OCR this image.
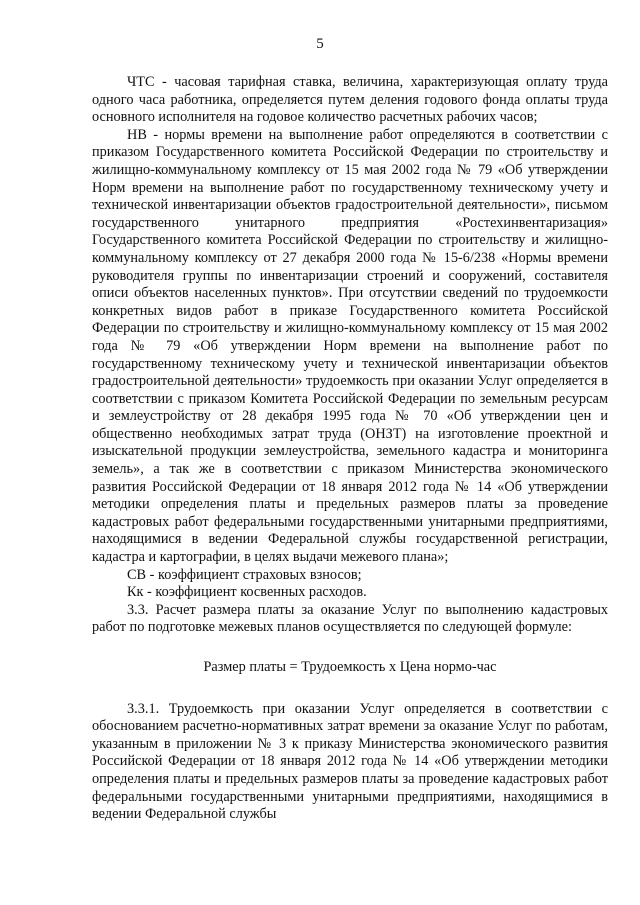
5

ЧТС - часовая тарифная ставка, величина, характеризующая оплату труда одного часа работника, определяется путем деления годового фонда оплаты труда основного исполнителя на годовое количество расчетных рабочих часов;

НВ - нормы времени на выполнение работ определяются в соответствии с приказом Государственного комитета Российской Федерации по строительству и жилищно-коммунальному комплексу от 15 мая 2002 года № 79 «Об утверждении Норм времени на выполнение работ по государственному техническому учету и технической инвентаризации объектов градостроительной деятельности», письмом государственного унитарного предприятия «Ростехинвентаризация» Государственного комитета Российской Федерации по строительству и жилищно-коммунальному комплексу от 27 декабря 2000 года № 15-6/238 «Нормы времени руководителя группы по инвентаризации строений и сооружений, составителя описи объектов населенных пунктов». При отсутствии сведений по трудоемкости конкретных видов работ в приказе Государственного комитета Российской Федерации по строительству и жилищно-коммунальному комплексу от 15 мая 2002 года № 79 «Об утверждении Норм времени на выполнение работ по государственному техническому учету и технической инвентаризации объектов градостроительной деятельности» трудоемкость при оказании Услуг определяется в соответствии с приказом Комитета Российской Федерации по земельным ресурсам и землеустройству от 28 декабря 1995 года № 70 «Об утверждении цен и общественно необходимых затрат труда (ОНЗТ) на изготовление проектной и изыскательной продукции землеустройства, земельного кадастра и мониторинга земель», а так же в соответствии с приказом Министерства экономического развития Российской Федерации от 18 января 2012 года № 14 «Об утверждении методики определения платы и предельных размеров платы за проведение кадастровых работ федеральными государственными унитарными предприятиями, находящимися в ведении Федеральной службы государственной регистрации, кадастра и картографии, в целях выдачи межевого плана»;

СВ - коэффициент страховых взносов;

Кк - коэффициент косвенных расходов.

3.3. Расчет размера платы за оказание Услуг по выполнению кадастровых работ по подготовке межевых планов осуществляется по следующей формуле:

Размер платы = Трудоемкость х Цена нормо-час

3.3.1. Трудоемкость при оказании Услуг определяется в соответствии с обоснованием расчетно-нормативных затрат времени за оказание Услуг по работам, указанным в приложении № 3 к приказу Министерства экономического развития Российской Федерации от 18 января 2012 года № 14 «Об утверждении методики определения платы и предельных размеров платы за проведение кадастровых работ федеральными государственными унитарными предприятиями, находящимися в ведении Федеральной службы
